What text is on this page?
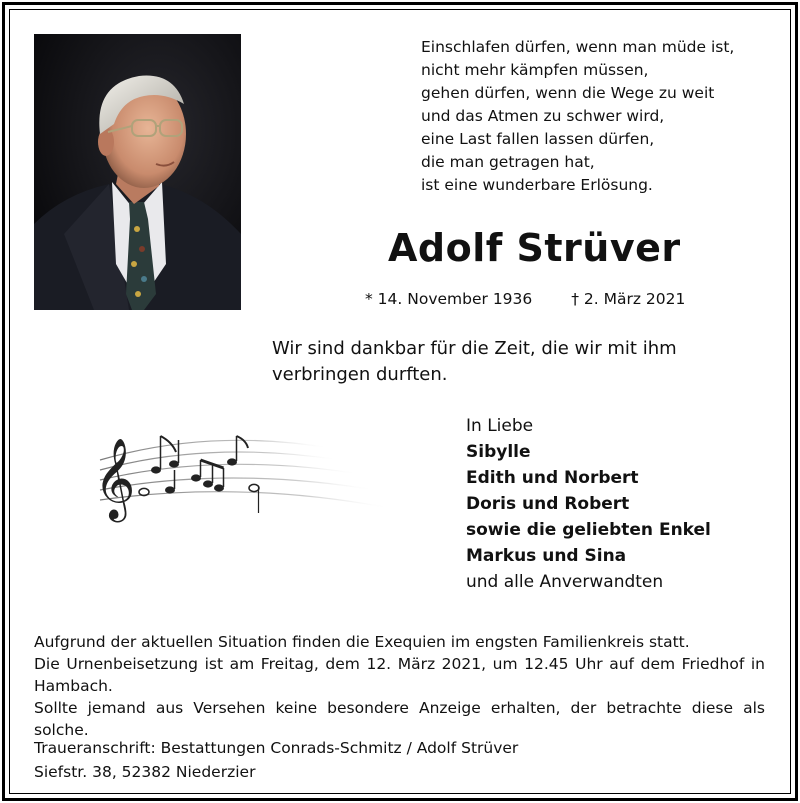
Einschlafen dürfen, wenn man müde ist,
nicht mehr kämpfen müssen,
gehen dürfen, wenn die Wege zu weit
und das Atmen zu schwer wird,
eine Last fallen lassen dürfen,
die man getragen hat,
ist eine wunderbare Erlösung.
Adolf Strüver
* 14. November 1936	† 2. März 2021
Wir sind dankbar für die Zeit, die wir mit ihm verbringen durften.
𝄞
In Liebe
Sibylle
Edith und Norbert
Doris und Robert
sowie die geliebten Enkel
Markus und Sina
und alle Anverwandten

Aufgrund der aktuellen Situation finden die Exequien im engsten Familienkreis statt.

Die Urnenbeisetzung ist am Freitag, dem 12. März 2021, um 12.45 Uhr auf dem Friedhof in Hambach.

Sollte jemand aus Versehen keine besondere Anzeige erhalten, der betrachte diese als solche.

Traueranschrift: Bestattungen Conrads-Schmitz / Adolf Strüver
Siefstr. 38, 52382 Niederzier
